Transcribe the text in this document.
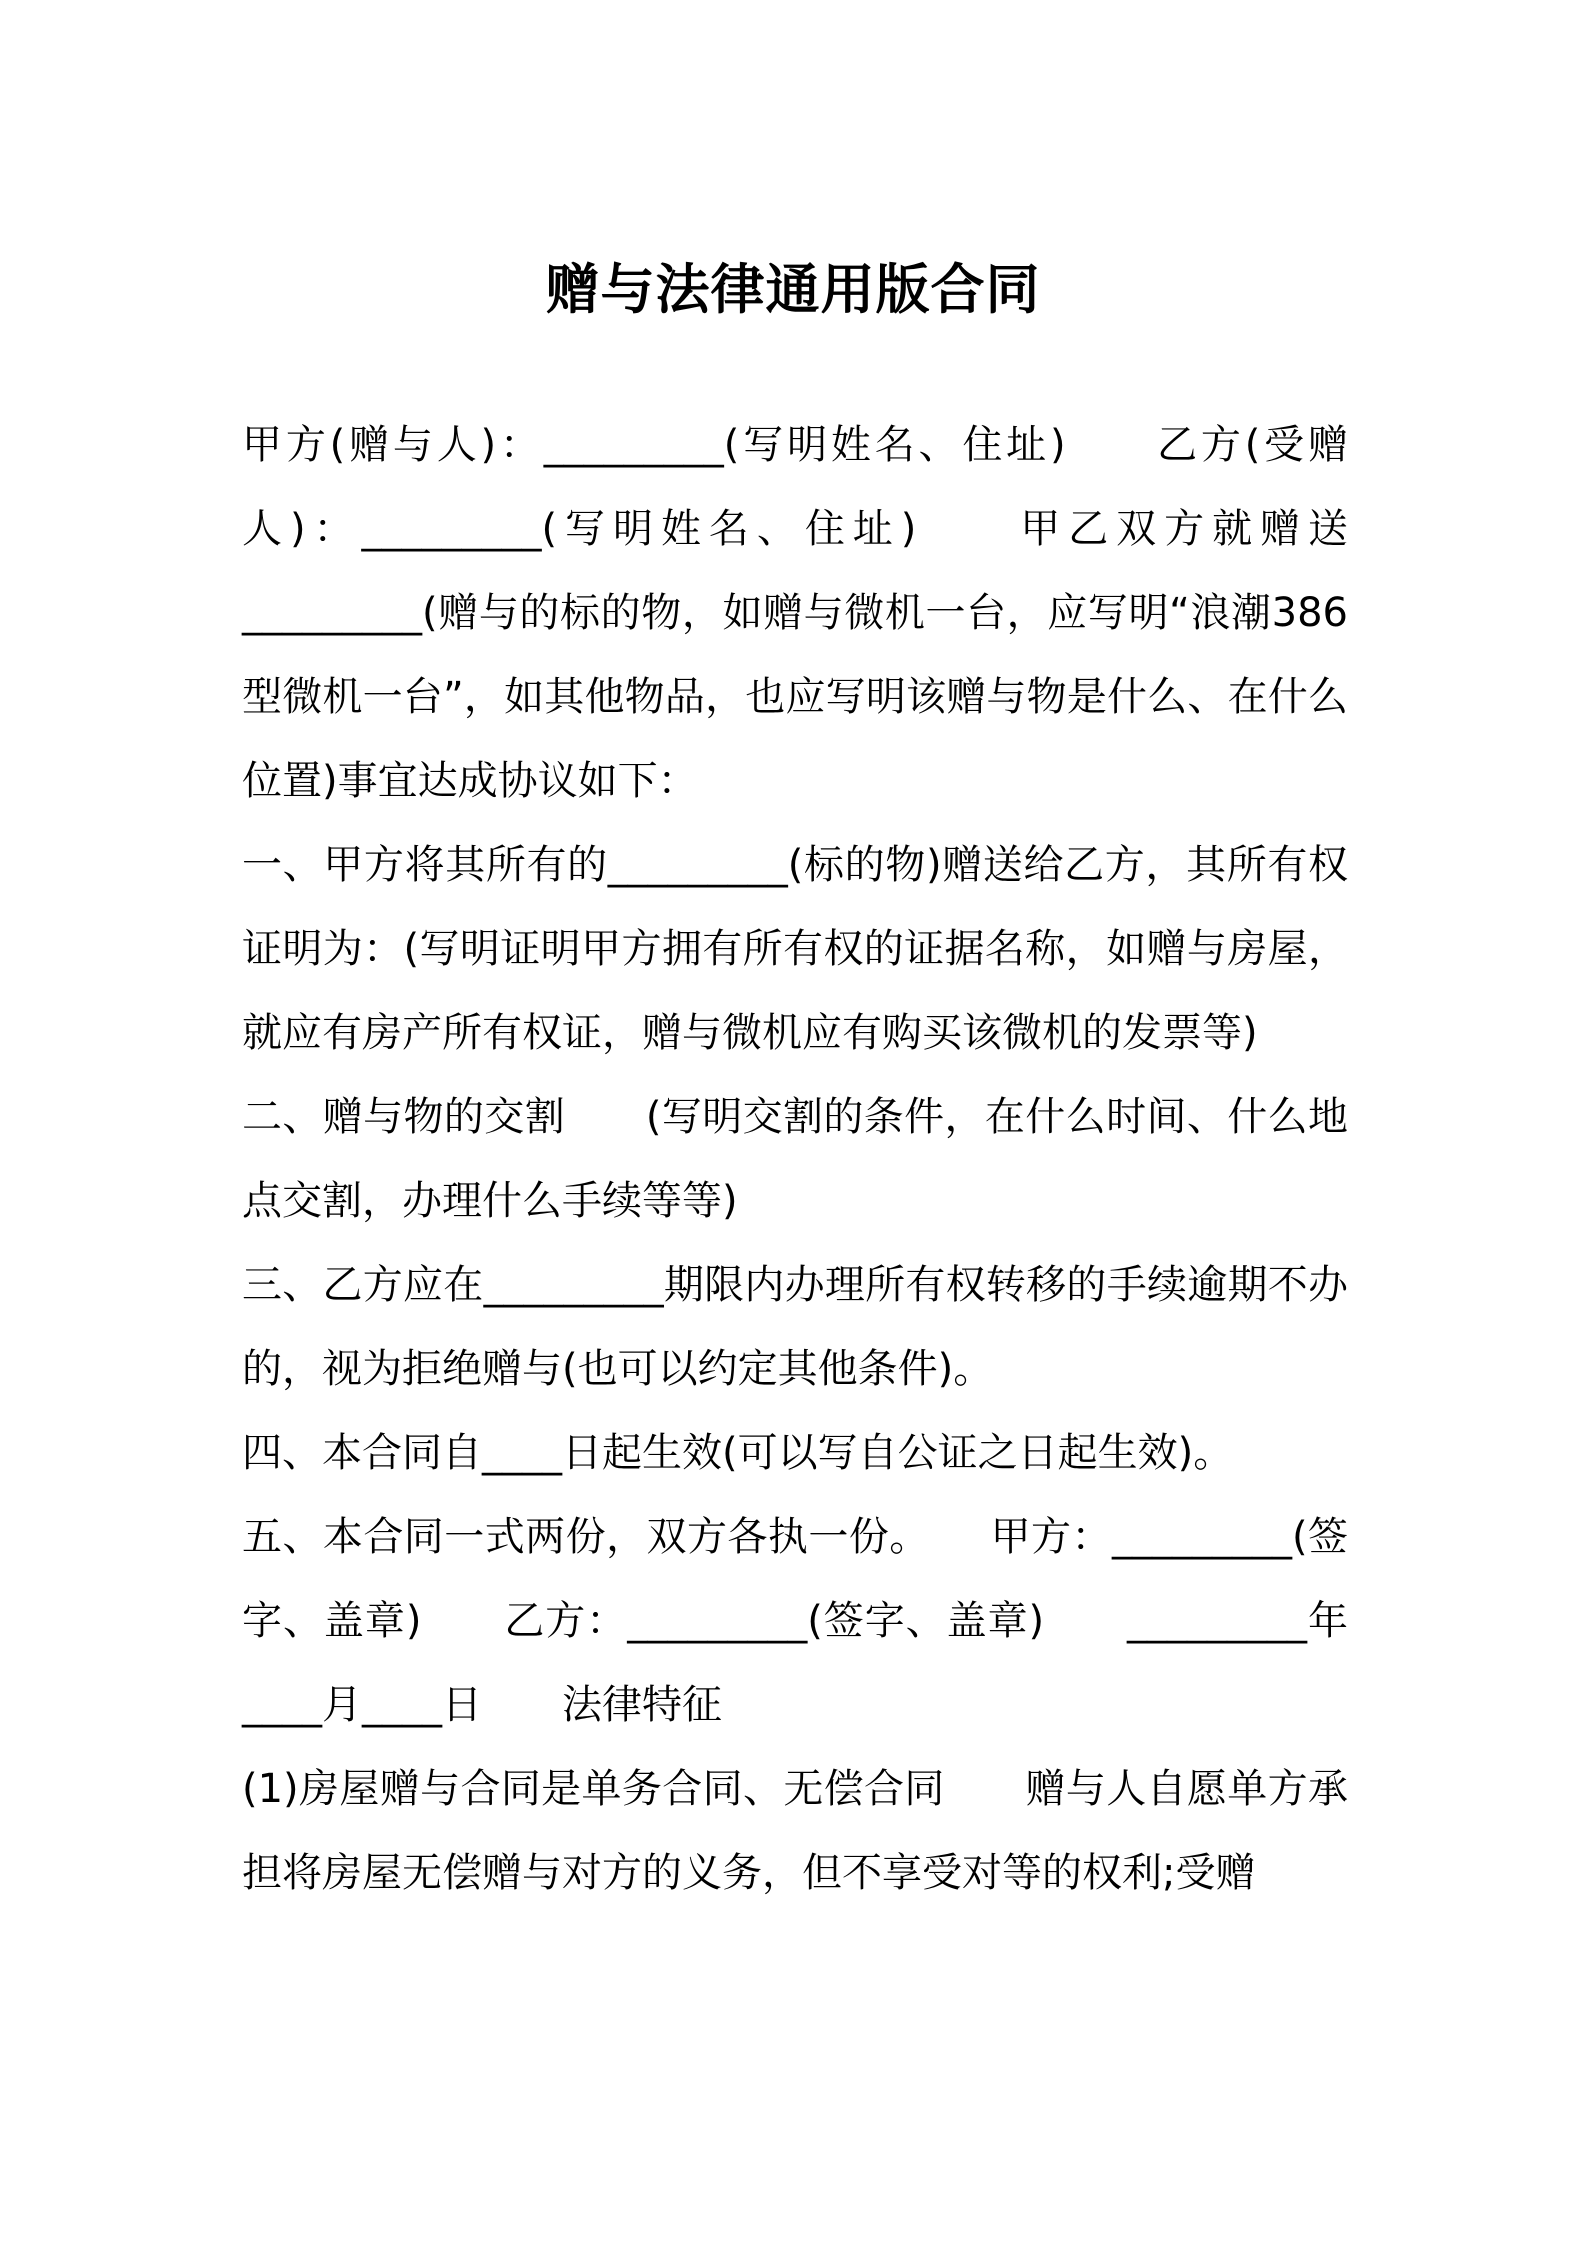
赠与法律通用版合同

甲方(赠与人)：_________(写明姓名、住址)　　乙方(受赠人)：_________(写明姓名、住址)　　甲乙双方就赠送_________(赠与的标的物，如赠与微机一台，应写明“浪潮386型微机一台”，如其他物品，也应写明该赠与物是什么、在什么位置)事宜达成协议如下：

一、甲方将其所有的_________(标的物)赠送给乙方，其所有权证明为：(写明证明甲方拥有所有权的证据名称，如赠与房屋，就应有房产所有权证，赠与微机应有购买该微机的发票等)

二、赠与物的交割　　(写明交割的条件，在什么时间、什么地点交割，办理什么手续等等)

三、乙方应在_________期限内办理所有权转移的手续逾期不办的，视为拒绝赠与(也可以约定其他条件)。

四、本合同自____日起生效(可以写自公证之日起生效)。

五、本合同一式两份，双方各执一份。　　甲方：_________(签字、盖章)　　乙方：_________(签字、盖章)　　_________年____月____日　　法律特征

(1)房屋赠与合同是单务合同、无偿合同　　赠与人自愿单方承担将房屋无偿赠与对方的义务，但不享受对等的权利;受赠
